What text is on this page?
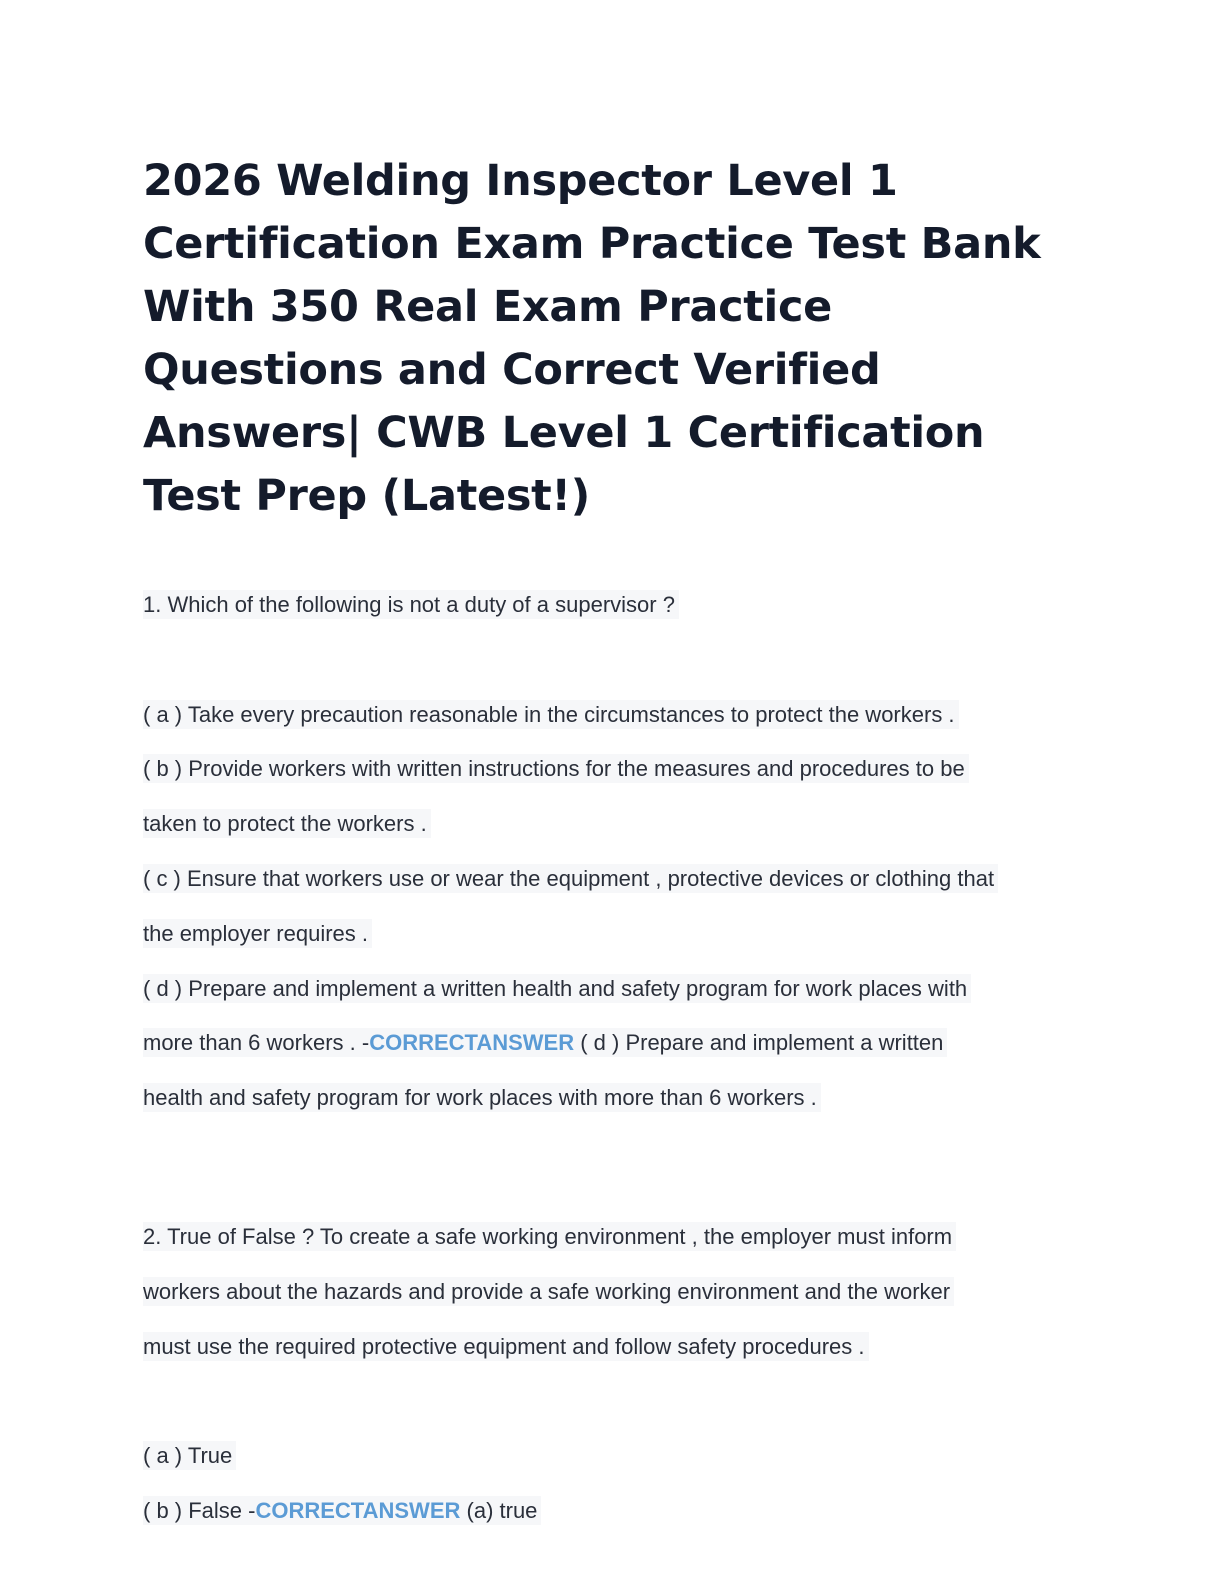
2026 Welding Inspector Level 1 Certification Exam Practice Test Bank With 350 Real Exam Practice Questions and Correct Verified Answers| CWB Level 1 Certification Test Prep (Latest!)

1. Which of the following is not a duty of a supervisor ?

( a ) Take every precaution reasonable in the circumstances to protect the workers .

( b ) Provide workers with written instructions for the measures and procedures to be

taken to protect the workers .

( c ) Ensure that workers use or wear the equipment , protective devices or clothing that

the employer requires .

( d ) Prepare and implement a written health and safety program for work places with

more than 6 workers . -CORRECTANSWER ( d ) Prepare and implement a written

health and safety program for work places with more than 6 workers .

2. True of False ? To create a safe working environment , the employer must inform

workers about the hazards and provide a safe working environment and the worker

must use the required protective equipment and follow safety procedures .

( a ) True

( b ) False -CORRECTANSWER (a) true
